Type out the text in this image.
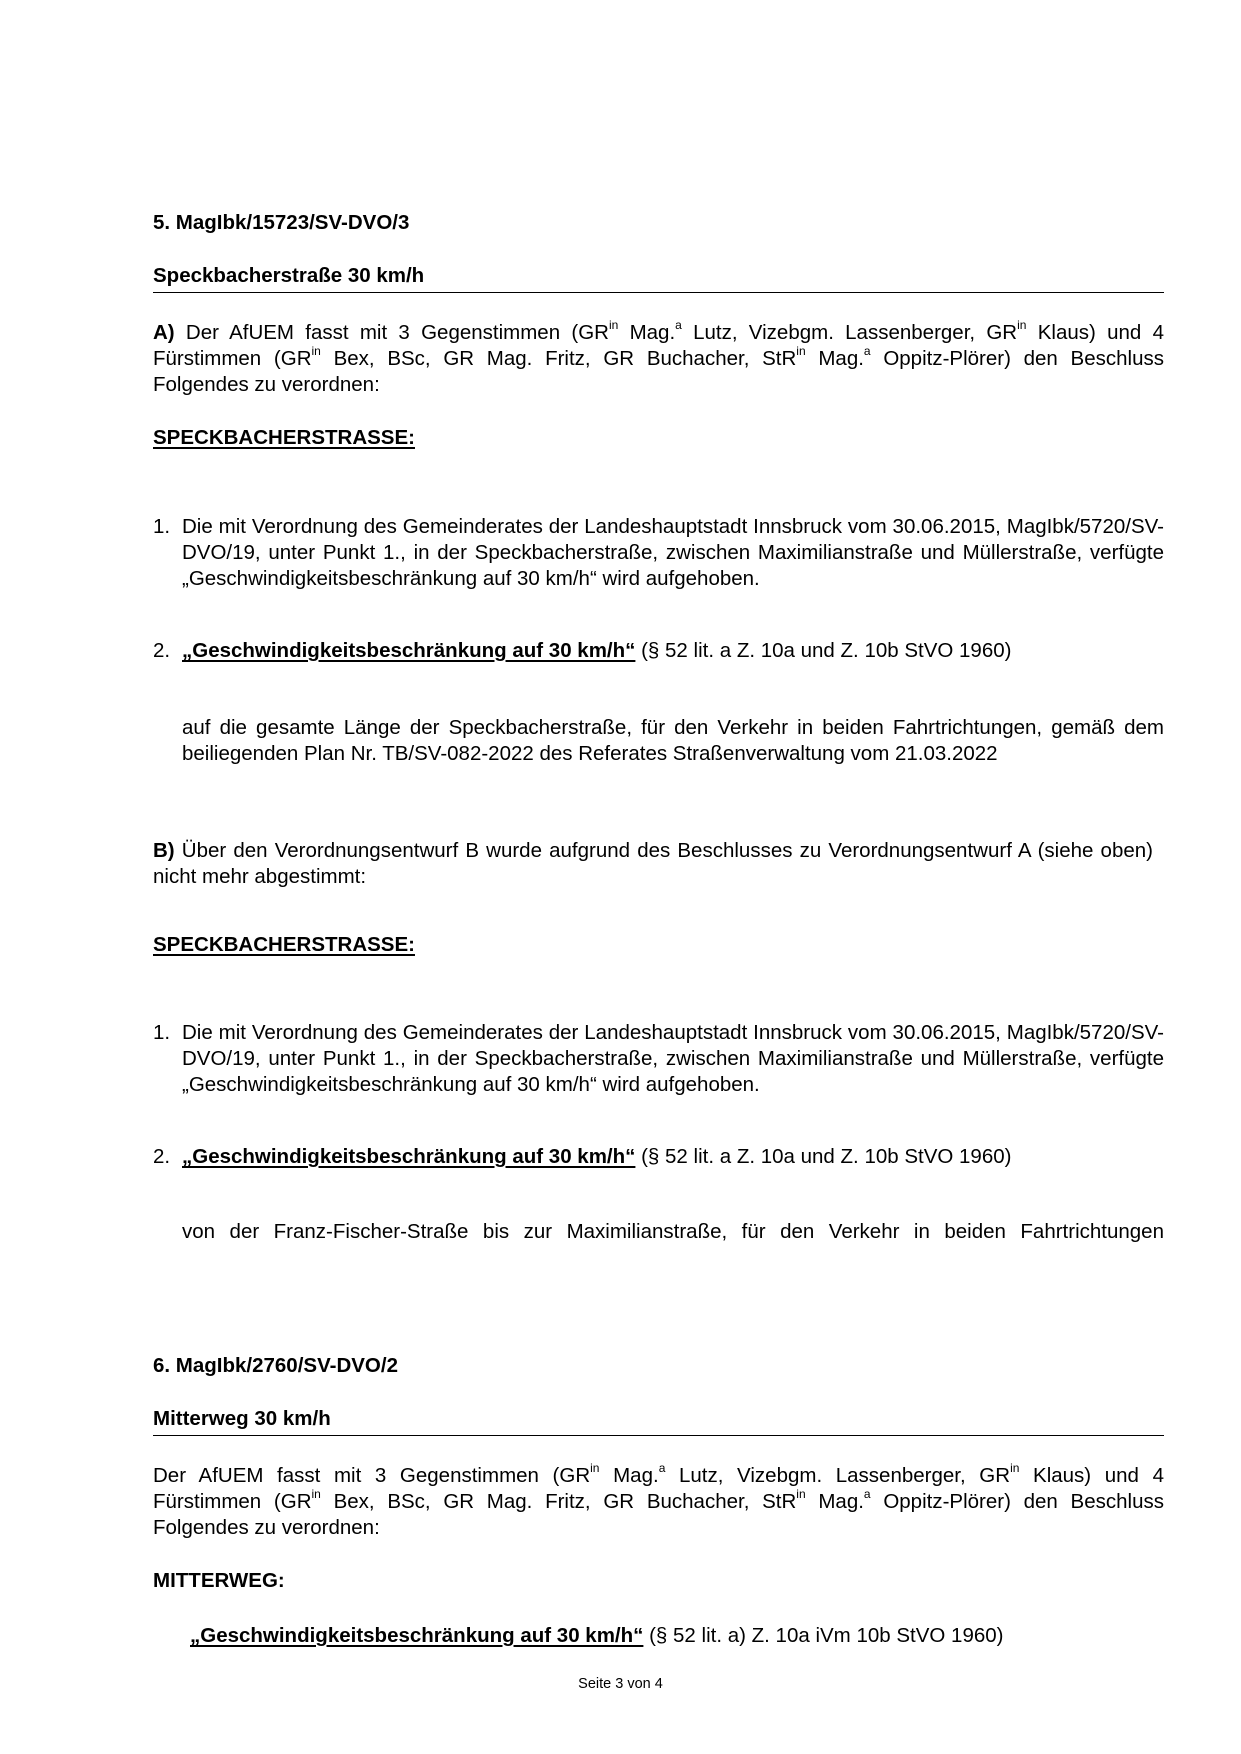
5. MagIbk/15723/SV-DVO/3
Speckbacherstraße 30 km/h
A) Der AfUEM fasst mit 3 Gegenstimmen ($GR^{in}$ Mag.$^a$ Lutz, Vizebgm. Lassenberger, $GR^{in}$ Klaus) und 4 Fürstimmen ($GR^{in}$ Bex, BSc, GR Mag. Fritz, GR Buchacher, StR$^{in}$ Mag.$^a$ Oppitz-Plörer) den Beschluss Folgendes zu verordnen:
SPECKBACHERSTRASSE:
1. Die mit Verordnung des Gemeinderates der Landeshauptstadt Innsbruck vom 30.06.2015, MagIbk/5720/SV-DVO/19, unter Punkt 1., in der Speckbacherstraße, zwischen Maximilianstraße und Müllerstraße, verfügte „Geschwindigkeitsbeschränkung auf 30 km/h“ wird aufgehoben.
2. „Geschwindigkeitsbeschränkung auf 30 km/h“ (§ 52 lit. a Z. 10a und Z. 10b StVO 1960)
auf die gesamte Länge der Speckbacherstraße, für den Verkehr in beiden Fahrtrichtungen, gemäß dem beiliegenden Plan Nr. TB/SV-082-2022 des Referates Straßenverwaltung vom 21.03.2022
B) Über den Verordnungsentwurf B wurde aufgrund des Beschlusses zu Verordnungsentwurf A (siehe oben) nicht mehr abgestimmt:
SPECKBACHERSTRASSE:
1. Die mit Verordnung des Gemeinderates der Landeshauptstadt Innsbruck vom 30.06.2015, MagIbk/5720/SV-DVO/19, unter Punkt 1., in der Speckbacherstraße, zwischen Maximilianstraße und Müllerstraße, verfügte „Geschwindigkeitsbeschränkung auf 30 km/h“ wird aufgehoben.
2. „Geschwindigkeitsbeschränkung auf 30 km/h“ (§ 52 lit. a Z. 10a und Z. 10b StVO 1960)
von der Franz-Fischer-Straße bis zur Maximilianstraße, für den Verkehr in beiden Fahrtrichtungen
6. MagIbk/2760/SV-DVO/2
Mitterweg 30 km/h
Der AfUEM fasst mit 3 Gegenstimmen ($GR^{in}$ Mag.$^a$ Lutz, Vizebgm. Lassenberger, $GR^{in}$ Klaus) und 4 Fürstimmen ($GR^{in}$ Bex, BSc, GR Mag. Fritz, GR Buchacher, StR$^{in}$ Mag.$^a$ Oppitz-Plörer) den Beschluss Folgendes zu verordnen:
MITTERWEG:
„Geschwindigkeitsbeschränkung auf 30 km/h“ (§ 52 lit. a) Z. 10a iVm 10b StVO 1960)
Seite 3 von 4
